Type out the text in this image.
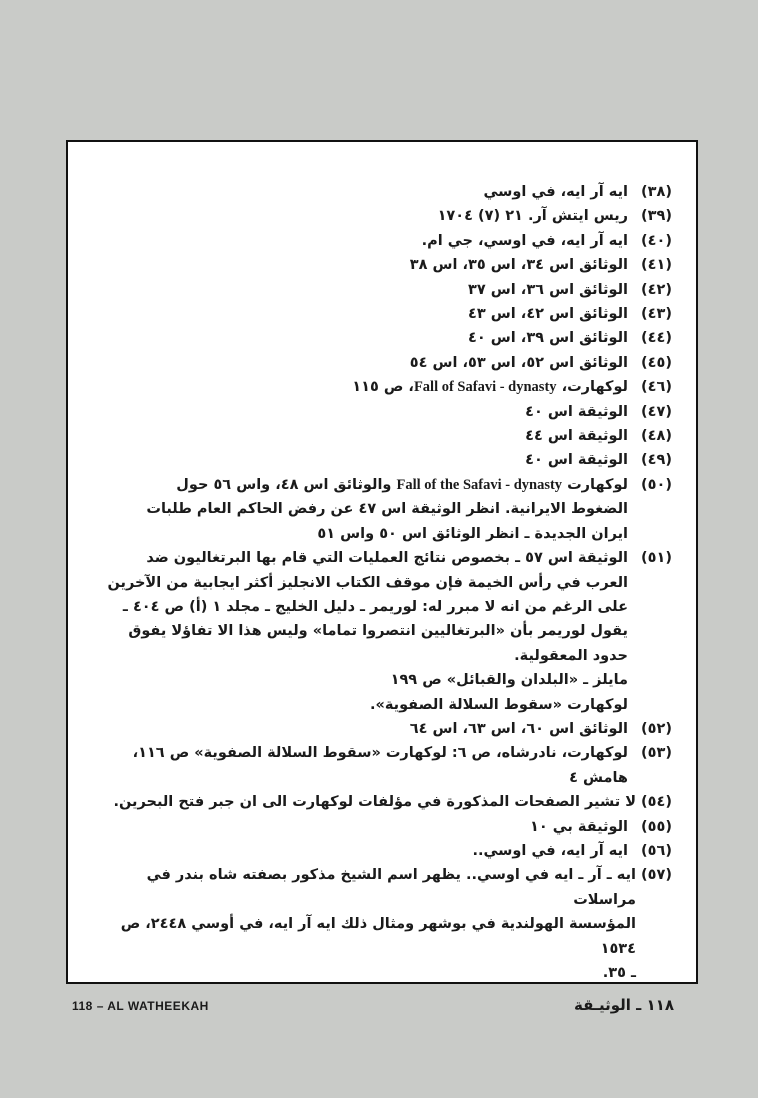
(٣٨)
ايه آر ايه، في اوسي
(٣٩)
ريس ايتش آر. ٢١ (٧) ١٧٠٤
(٤٠)
ايه آر ايه، في اوسي، جي ام.
(٤١)
الوثائق اس ٣٤، اس ٣٥، اس ٣٨
(٤٢)
الوثائق اس ٣٦، اس ٣٧
(٤٣)
الوثائق اس ٤٢، اس ٤٣
(٤٤)
الوثائق اس ٣٩، اس ٤٠
(٤٥)
الوثائق اس ٥٢، اس ٥٣، اس ٥٤
(٤٦)
لوكهارت، Fall of Safavi - dynasty، ص ١١٥
(٤٧)
الوثيقة اس ٤٠
(٤٨)
الوثيقة اس ٤٤
(٤٩)
الوثيقة اس ٤٠
(٥٠)
لوكهارت Fall of the Safavi - dynasty والوثائق اس ٤٨، واس ٥٦ حول
الضغوط الايرانية. انظر الوثيقة اس ٤٧ عن رفض الحاكم العام طلبات
ايران الجديدة ـ انظر الوثائق اس ٥٠ واس ٥١
(٥١)
الوثيقة اس ٥٧ ـ بخصوص نتائج العمليات التي قام بها البرتغاليون ضد
العرب في رأس الخيمة فإن موقف الكتاب الانجليز أكثر ايجابية من الآخرين
على الرغم من انه لا مبرر له: لوريمر ـ دليل الخليج ـ مجلد ١ (أ) ص ٤٠٤ ـ
يقول لوريمر بأن «البرتغاليين انتصروا تماما» وليس هذا الا تفاؤلا يفوق
حدود المعقولية.
مايلز ـ «البلدان والقبائل» ص ١٩٩
لوكهارت «سقوط السلالة الصفوية».
(٥٢)
الوثائق اس ٦٠، اس ٦٣، اس ٦٤
(٥٣)
لوكهارت، نادرشاه، ص ٦: لوكهارت «سقوط السلالة الصفوية» ص ١١٦،
هامش ٤
(٥٤)
لا تشير الصفحات المذكورة في مؤلفات لوكهارت الى ان جبر فتح البحرين.
(٥٥)
الوثيقة بي ١٠
(٥٦)
ايه آر ايه، في اوسي..
(٥٧)
ايه ـ آر ـ ايه في اوسي.. يظهر اسم الشيخ مذكور بصفته شاه بندر في مراسلات
المؤسسة الهولندية في بوشهر ومثال ذلك ايه آر ايه، في أوسي ٢٤٤٨، ص ١٥٣٤
ـ ٣٥.
118 – AL WATHEEKAH	١١٨ ـ الوثيـقة
